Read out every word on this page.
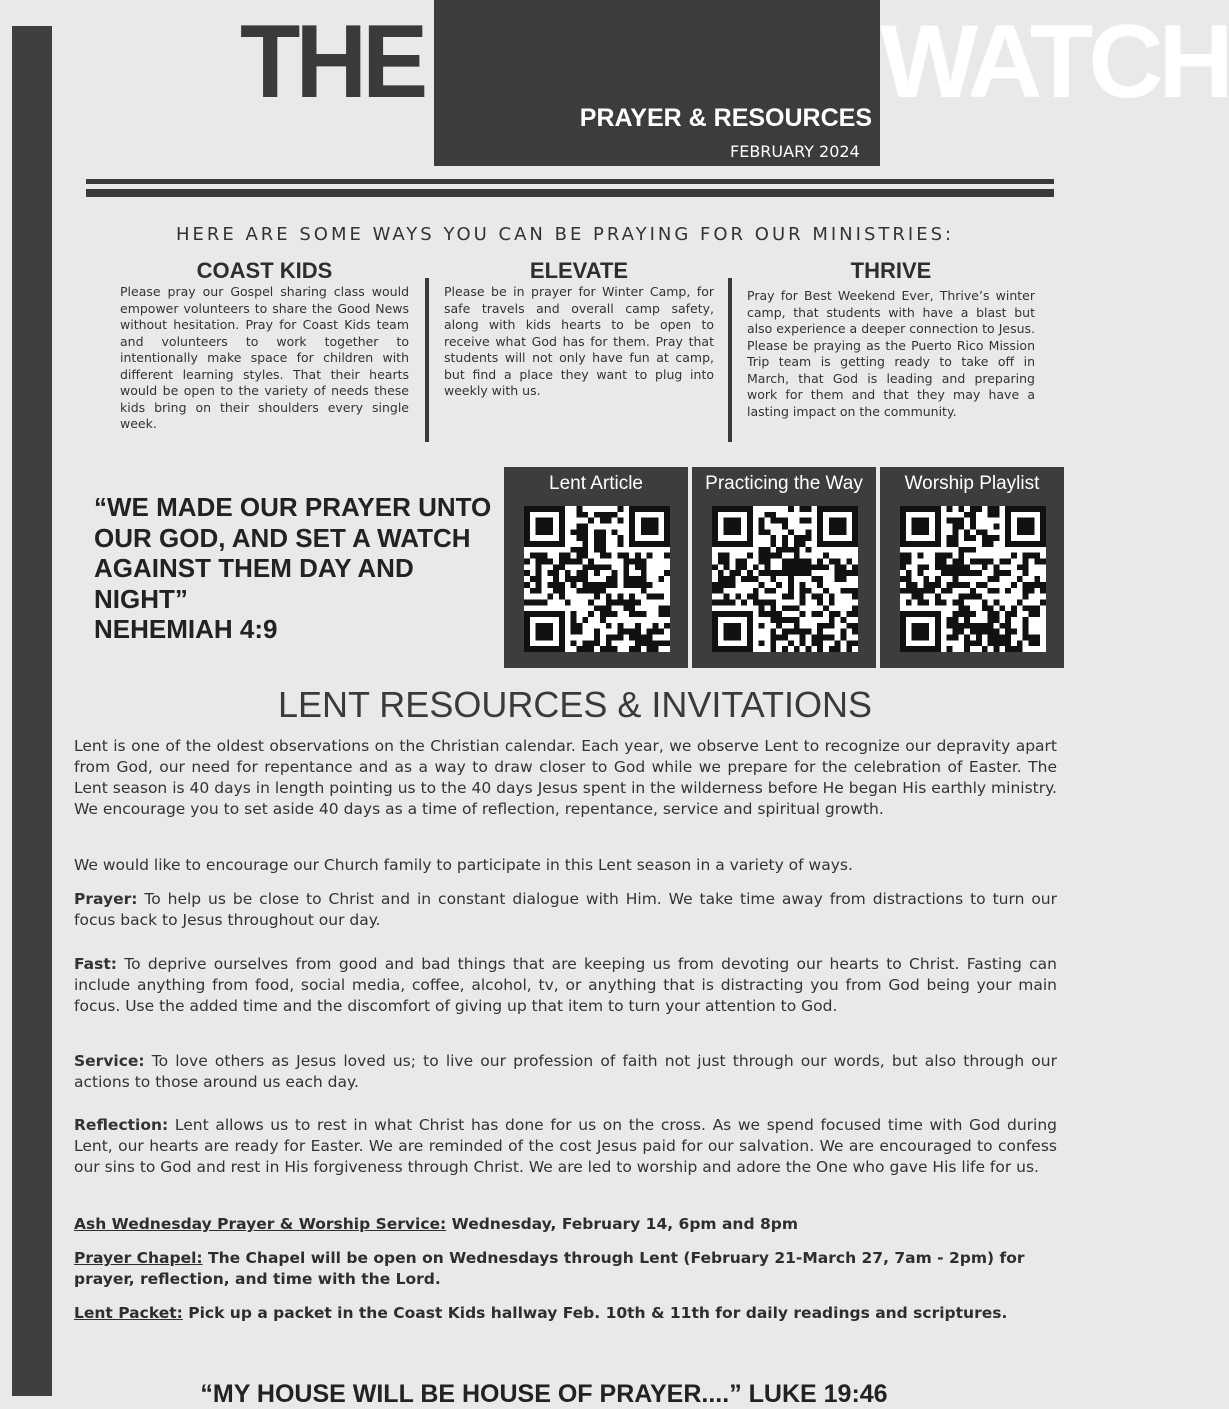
THE	WATCH
PRAYER & RESOURCES
FEBRUARY 2024
HERE ARE SOME WAYS YOU CAN BE PRAYING FOR OUR MINISTRIES:
COAST KIDS

Please pray our Gospel sharing class would empower volunteers to share the Good News without hesitation. Pray for Coast Kids team and volunteers to work together to intentionally make space for children with different learning styles. That their hearts would be open to the variety of needs these kids bring on their shoulders every single week.

ELEVATE

Please be in prayer for Winter Camp, for safe travels and overall camp safety, along with kids hearts to be open to receive what God has for them. Pray that students will not only have fun at camp, but find a place they want to plug into weekly with us.

THRIVE

Pray for Best Weekend Ever, Thrive’s winter camp, that students with have a blast but also experience a deeper connection to Jesus. Please be praying as the Puerto Rico Mission Trip team is getting ready to take off in March, that God is leading and preparing work for them and that they may have a lasting impact on the community.

“WE MADE OUR PRAYER UNTO OUR GOD, AND SET A WATCH AGAINST THEM DAY AND NIGHT”
NEHEMIAH 4:9
Lent Article	Practicing the Way	Worship Playlist
LENT RESOURCES & INVITATIONS
Lent is one of the oldest observations on the Christian calendar. Each year, we observe Lent to recognize our depravity apart from God, our need for repentance and as a way to draw closer to God while we prepare for the celebration of Easter. The Lent season is 40 days in length pointing us to the 40 days Jesus spent in the wilderness before He began His earthly ministry. We encourage you to set aside 40 days as a time of reflection, repentance, service and spiritual growth.
We would like to encourage our Church family to participate in this Lent season in a variety of ways.
Prayer: To help us be close to Christ and in constant dialogue with Him. We take time away from distractions to turn our focus back to Jesus throughout our day.
Fast: To deprive ourselves from good and bad things that are keeping us from devoting our hearts to Christ. Fasting can include anything from food, social media, coffee, alcohol, tv, or anything that is distracting you from God being your main focus. Use the added time and the discomfort of giving up that item to turn your attention to God.
Service: To love others as Jesus loved us; to live our profession of faith not just through our words, but also through our actions to those around us each day.
Reflection: Lent allows us to rest in what Christ has done for us on the cross. As we spend focused time with God during Lent, our hearts are ready for Easter. We are reminded of the cost Jesus paid for our salvation. We are encouraged to confess our sins to God and rest in His forgiveness through Christ. We are led to worship and adore the One who gave His life for us.
Ash Wednesday Prayer & Worship Service: Wednesday, February 14, 6pm and 8pm
Prayer Chapel: The Chapel will be open on Wednesdays through Lent (February 21-March 27, 7am - 2pm) for prayer, reflection, and time with the Lord.
Lent Packet: Pick up a packet in the Coast Kids hallway Feb. 10th & 11th for daily readings and scriptures.
“MY HOUSE WILL BE HOUSE OF PRAYER....” LUKE 19:46
